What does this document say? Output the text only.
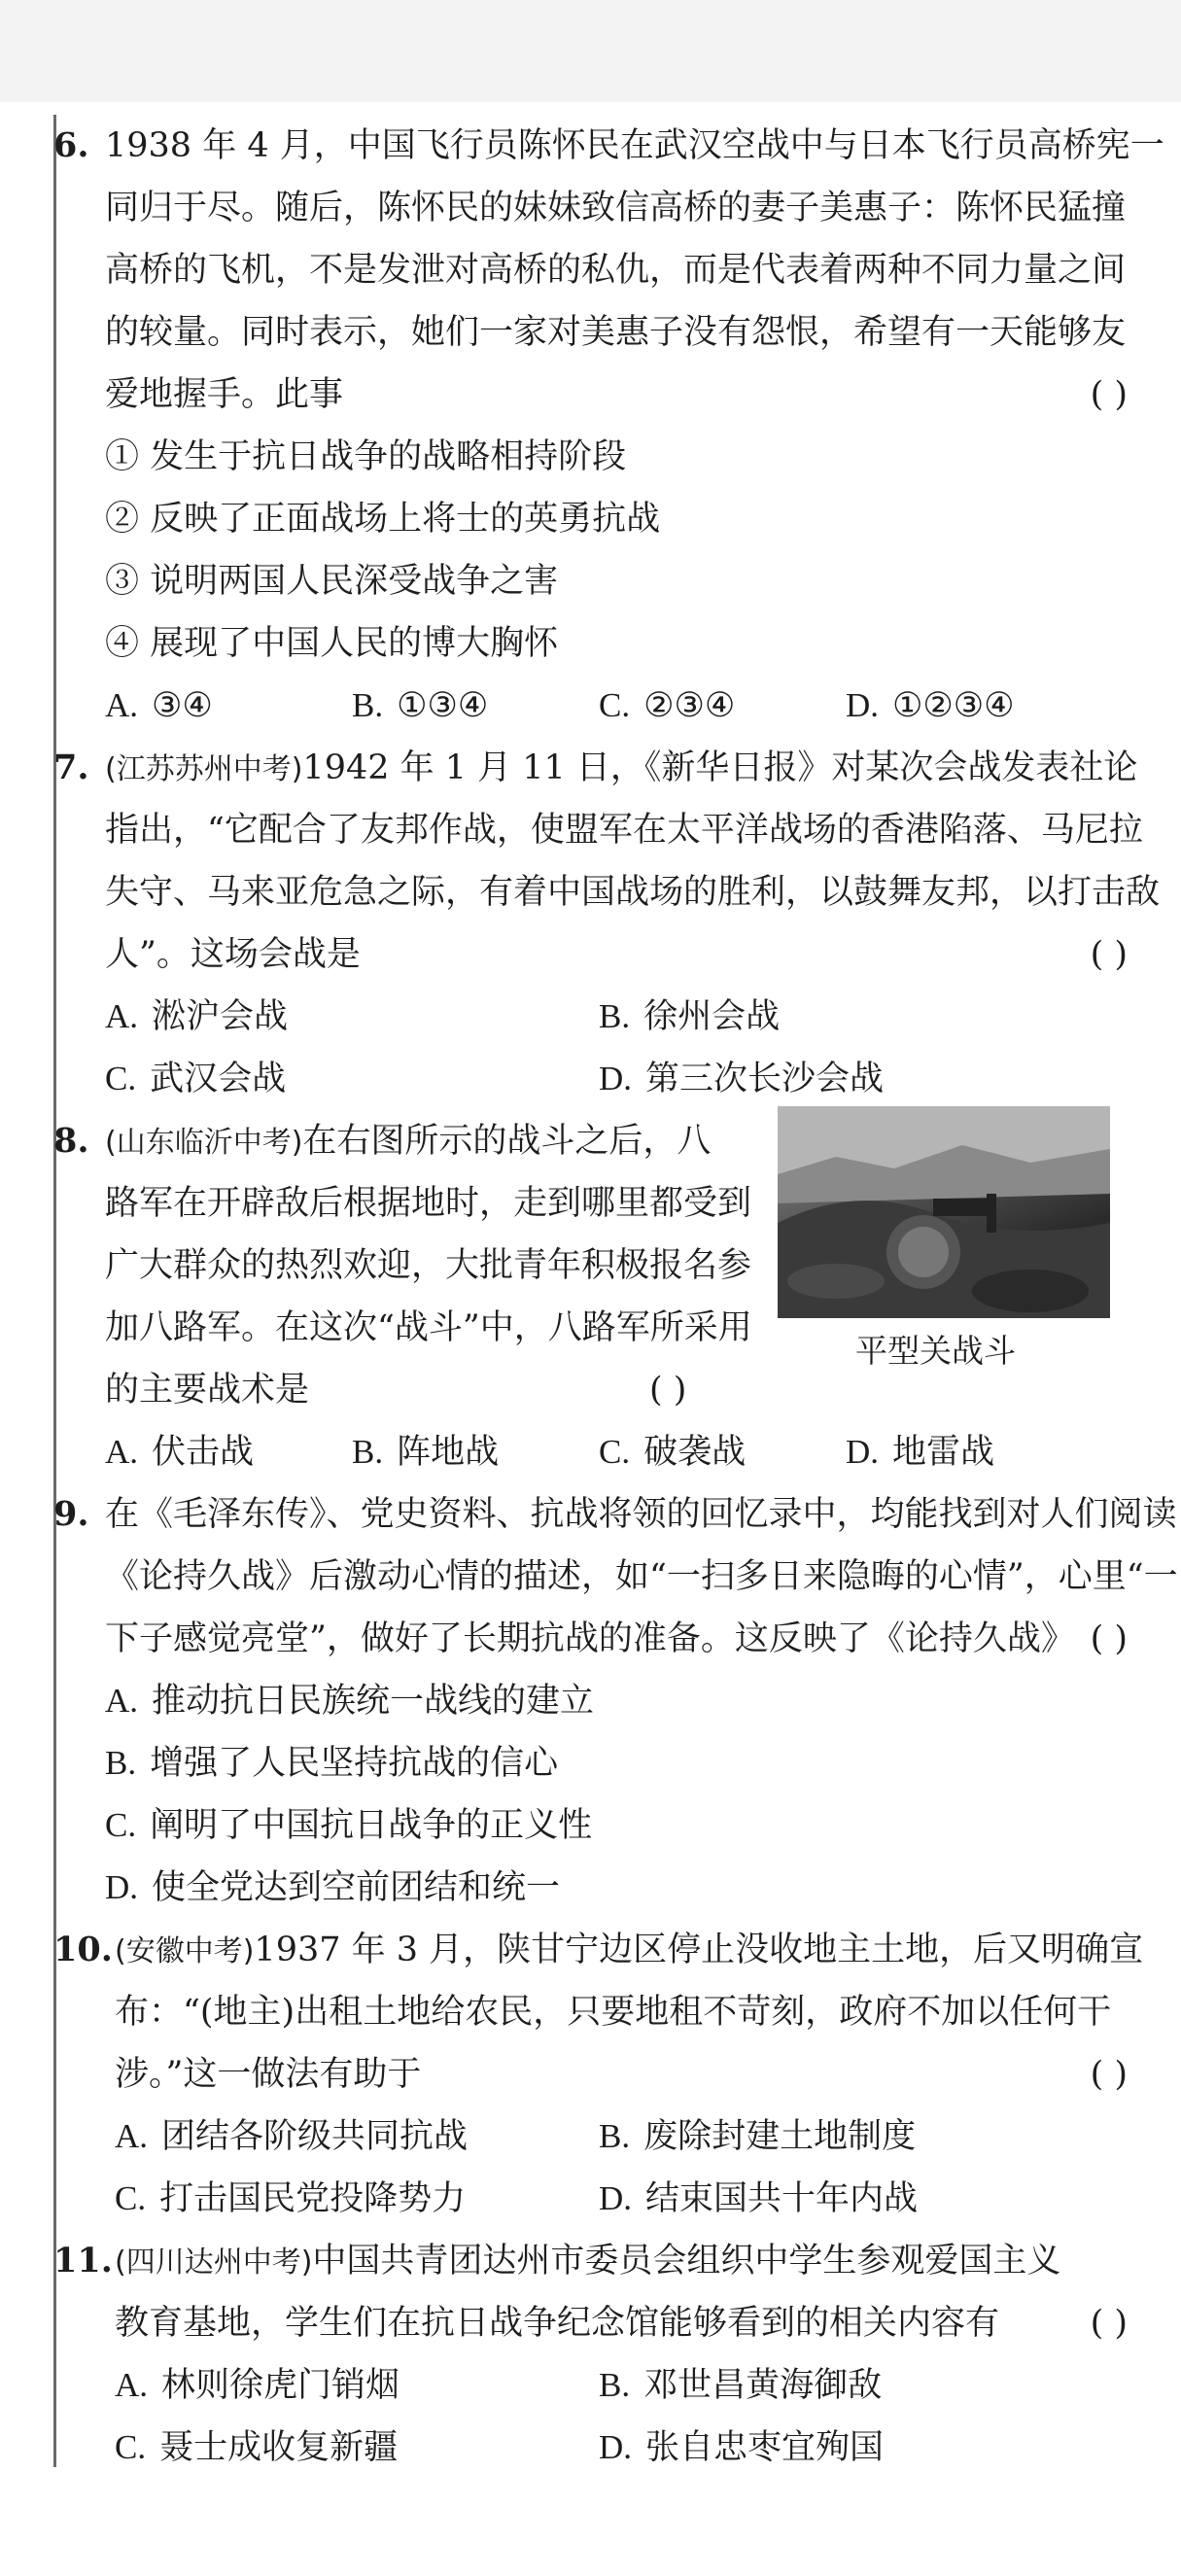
6. 1938 年 4 月，中国飞行员陈怀民在武汉空战中与日本飞行员高桥宪一
同归于尽。随后，陈怀民的妹妹致信高桥的妻子美惠子：陈怀民猛撞
高桥的飞机，不是发泄对高桥的私仇，而是代表着两种不同力量之间
的较量。同时表示，她们一家对美惠子没有怨恨，希望有一天能够友
爱地握手。此事	( )
① 发生于抗日战争的战略相持阶段
② 反映了正面战场上将士的英勇抗战
③ 说明两国人民深受战争之害
④ 展现了中国人民的博大胸怀
A. ③④	B. ①③④	C. ②③④	D. ①②③④
7. (江苏苏州中考)1942 年 1 月 11 日，《新华日报》对某次会战发表社论
指出，“它配合了友邦作战，使盟军在太平洋战场的香港陷落、马尼拉
失守、马来亚危急之际，有着中国战场的胜利，以鼓舞友邦，以打击敌
人”。这场会战是	( )
A. 淞沪会战	B. 徐州会战
C. 武汉会战	D. 第三次长沙会战
8. (山东临沂中考)在右图所示的战斗之后，八
路军在开辟敌后根据地时，走到哪里都受到
广大群众的热烈欢迎，大批青年积极报名参
加八路军。在这次“战斗”中，八路军所采用
的主要战术是	( )
平型关战斗
A. 伏击战	B. 阵地战	C. 破袭战	D. 地雷战
9. 在《毛泽东传》、党史资料、抗战将领的回忆录中，均能找到对人们阅读
《论持久战》后激动心情的描述，如“一扫多日来隐晦的心情”，心里“一
下子感觉亮堂”，做好了长期抗战的准备。这反映了《论持久战》 ( )
A. 推动抗日民族统一战线的建立
B. 增强了人民坚持抗战的信心
C. 阐明了中国抗日战争的正义性
D. 使全党达到空前团结和统一
10. (安徽中考)1937 年 3 月，陕甘宁边区停止没收地主土地，后又明确宣
布：“(地主)出租土地给农民，只要地租不苛刻，政府不加以任何干
涉。”这一做法有助于	( )
A. 团结各阶级共同抗战	B. 废除封建土地制度
C. 打击国民党投降势力	D. 结束国共十年内战
11. (四川达州中考)中国共青团达州市委员会组织中学生参观爱国主义
教育基地，学生们在抗日战争纪念馆能够看到的相关内容有	( )
A. 林则徐虎门销烟	B. 邓世昌黄海御敌
C. 聂士成收复新疆	D. 张自忠枣宜殉国
